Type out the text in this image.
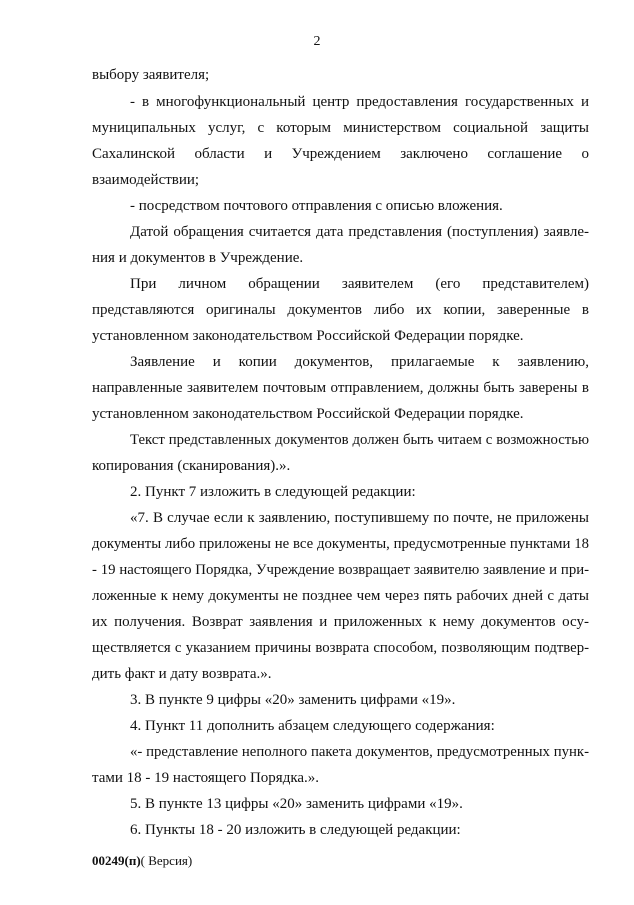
2
выбору заявителя;
- в многофункциональный центр предоставления государственных и
муниципальных услуг, с которым министерством социальной защиты
Сахалинской области и Учреждением заключено соглашение о
взаимодействии;
- посредством почтового отправления с описью вложения.
Датой обращения считается дата представления (поступления) заявле-
ния и документов в Учреждение.
При личном обращении заявителем (его представителем)
представляются оригиналы документов либо их копии, заверенные в
установленном законодательством Российской Федерации порядке.
Заявление и копии документов, прилагаемые к заявлению,
направленные заявителем почтовым отправлением, должны быть заверены в
установленном законодательством Российской Федерации порядке.
Текст представленных документов должен быть читаем с возможностью
копирования (сканирования).».
2. Пункт 7 изложить в следующей редакции:
«7. В случае если к заявлению, поступившему по почте, не приложены
документы либо приложены не все документы, предусмотренные пунктами 18
- 19 настоящего Порядка, Учреждение возвращает заявителю заявление и при-
ложенные к нему документы не позднее чем через пять рабочих дней с даты
их получения. Возврат заявления и приложенных к нему документов осу-
ществляется с указанием причины возврата способом, позволяющим подтвер-
дить факт и дату возврата.».
3. В пункте 9 цифры «20» заменить цифрами «19».
4. Пункт 11 дополнить абзацем следующего содержания:
«- представление неполного пакета документов, предусмотренных пунк-
тами 18 - 19 настоящего Порядка.».
5. В пункте 13 цифры «20» заменить цифрами «19».
6. Пункты 18 - 20 изложить в следующей редакции:
00249(п)( Версия)
